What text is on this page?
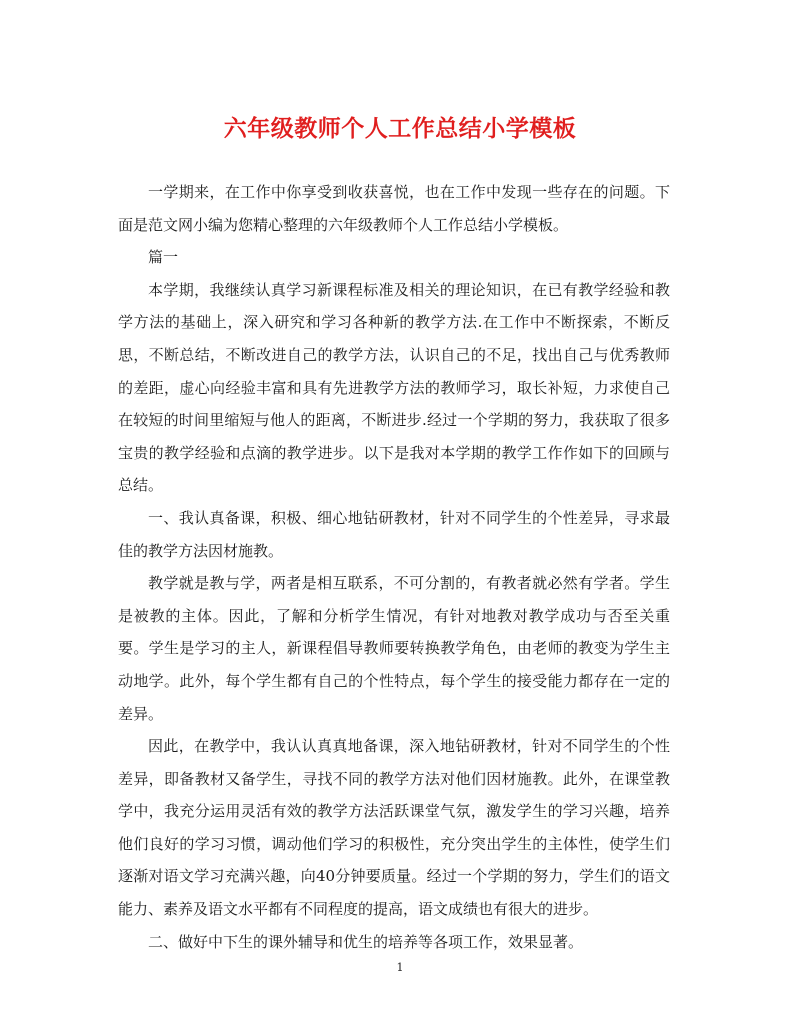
六年级教师个人工作总结小学模板

一学期来，在工作中你享受到收获喜悦，也在工作中发现一些存在的问题。下面是范文网小编为您精心整理的六年级教师个人工作总结小学模板。

篇一

本学期，我继续认真学习新课程标准及相关的理论知识，在已有教学经验和教学方法的基础上，深入研究和学习各种新的教学方法.在工作中不断探索，不断反思，不断总结，不断改进自己的教学方法，认识自己的不足，找出自己与优秀教师的差距，虚心向经验丰富和具有先进教学方法的教师学习，取长补短，力求使自己在较短的时间里缩短与他人的距离，不断进步.经过一个学期的努力，我获取了很多宝贵的教学经验和点滴的教学进步。以下是我对本学期的教学工作作如下的回顾与总结。

一、我认真备课，积极、细心地钻研教材，针对不同学生的个性差异，寻求最佳的教学方法因材施教。

教学就是教与学，两者是相互联系，不可分割的，有教者就必然有学者。学生是被教的主体。因此，了解和分析学生情况，有针对地教对教学成功与否至关重要。学生是学习的主人，新课程倡导教师要转换教学角色，由老师的教变为学生主动地学。此外，每个学生都有自己的个性特点，每个学生的接受能力都存在一定的差异。

因此，在教学中，我认认真真地备课，深入地钻研教材，针对不同学生的个性差异，即备教材又备学生，寻找不同的教学方法对他们因材施教。此外，在课堂教学中，我充分运用灵活有效的教学方法活跃课堂气氛，激发学生的学习兴趣，培养他们良好的学习习惯，调动他们学习的积极性，充分突出学生的主体性，使学生们逐渐对语文学习充满兴趣，向40分钟要质量。经过一个学期的努力，学生们的语文能力、素养及语文水平都有不同程度的提高，语文成绩也有很大的进步。

二、做好中下生的课外辅导和优生的培养等各项工作，效果显著。

1
